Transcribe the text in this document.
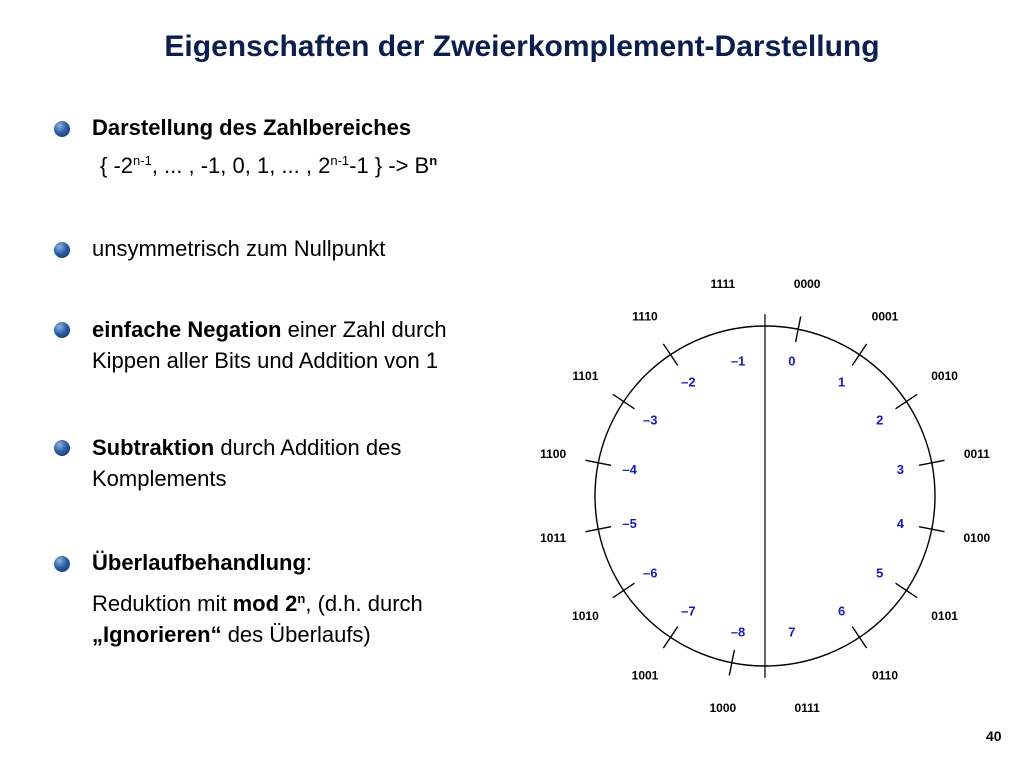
Eigenschaften der Zweierkomplement-Darstellung
Darstellung des Zahlbereiches
{ -2$^{n-1}$, ... , -1, 0, 1, ... , 2$^{n-1}$-1 } -> $B^n$
unsymmetrisch zum Nullpunkt
einfache Negation einer Zahl durch
Kippen aller Bits und Addition von 1
Subtraktion durch Addition des
Komplements
Überlaufbehandlung:
Reduktion mit mod 2$^n$, (d.h. durch
„Ignorieren“ des Überlaufs)
0000
0
0001
1	0010
2
0011
3
0100
4
0101
5
0110
6
0111
7
1000
–8
1001
–7
1010
–6
1011
–5
1100
–4
1101
–3
1110
–2
1111
–1
40
